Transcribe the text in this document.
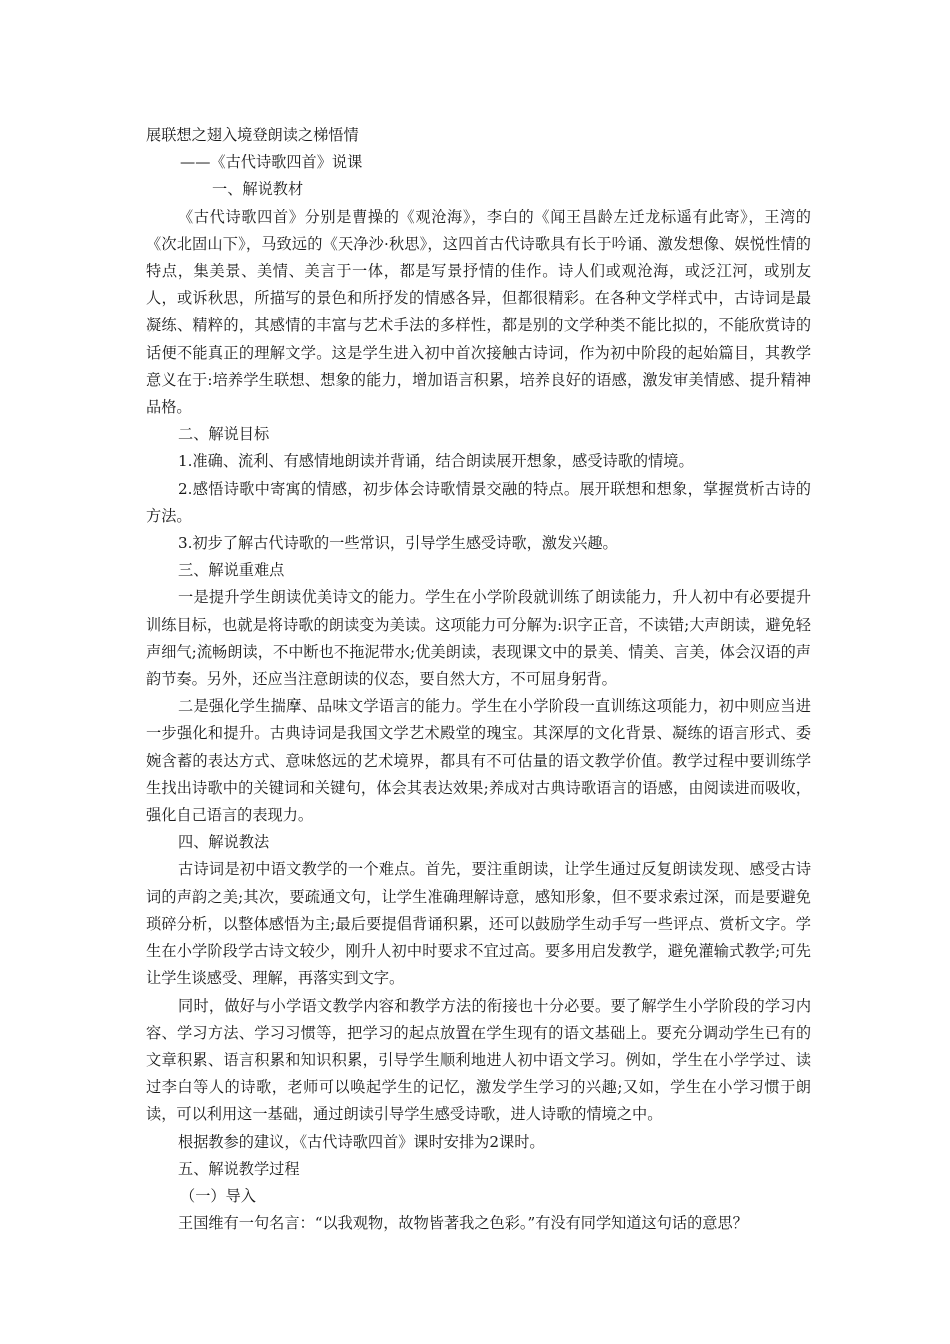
展联想之翅入境登朗读之梯悟情

——《古代诗歌四首》说课

一、解说教材

《古代诗歌四首》分别是曹操的《观沧海》，李白的《闻王昌龄左迁龙标遥有此寄》，王湾的《次北固山下》，马致远的《天净沙·秋思》，这四首古代诗歌具有长于吟诵、激发想像、娱悦性情的特点，集美景、美情、美言于一体，都是写景抒情的佳作。诗人们或观沧海，或泛江河，或别友人，或诉秋思，所描写的景色和所抒发的情感各异，但都很精彩。在各种文学样式中，古诗词是最凝练、精粹的，其感情的丰富与艺术手法的多样性，都是别的文学种类不能比拟的，不能欣赏诗的话便不能真正的理解文学。这是学生进入初中首次接触古诗词，作为初中阶段的起始篇目，其教学意义在于:培养学生联想、想象的能力，增加语言积累，培养良好的语感，激发审美情感、提升精神品格。

二、解说目标

1.准确、流利、有感情地朗读并背诵，结合朗读展开想象，感受诗歌的情境。

2.感悟诗歌中寄寓的情感，初步体会诗歌情景交融的特点。展开联想和想象，掌握赏析古诗的方法。

3.初步了解古代诗歌的一些常识，引导学生感受诗歌，激发兴趣。

三、解说重难点

一是提升学生朗读优美诗文的能力。学生在小学阶段就训练了朗读能力，升人初中有必要提升训练目标，也就是将诗歌的朗读变为美读。这项能力可分解为:识字正音，不读错;大声朗读，避免轻声细气;流畅朗读，不中断也不拖泥带水;优美朗读，表现课文中的景美、情美、言美，体会汉语的声韵节奏。另外，还应当注意朗读的仪态，要自然大方，不可屈身躬背。

二是强化学生揣摩、品味文学语言的能力。学生在小学阶段一直训练这项能力，初中则应当进一步强化和提升。古典诗词是我国文学艺术殿堂的瑰宝。其深厚的文化背景、凝练的语言形式、委婉含蓄的表达方式、意味悠远的艺术境界，都具有不可估量的语文教学价值。教学过程中要训练学生找出诗歌中的关键词和关键句，体会其表达效果;养成对古典诗歌语言的语感，由阅读进而吸收，强化自己语言的表现力。

四、解说教法

古诗词是初中语文教学的一个难点。首先，要注重朗读，让学生通过反复朗读发现、感受古诗词的声韵之美;其次，要疏通文句，让学生准确理解诗意，感知形象，但不要求索过深，而是要避免琐碎分析，以整体感悟为主;最后要提倡背诵积累，还可以鼓励学生动手写一些评点、赏析文字。学生在小学阶段学古诗文较少，刚升人初中时要求不宜过高。要多用启发教学，避免灌输式教学;可先让学生谈感受、理解，再落实到文字。

同时，做好与小学语文教学内容和教学方法的衔接也十分必要。要了解学生小学阶段的学习内容、学习方法、学习习惯等，把学习的起点放置在学生现有的语文基础上。要充分调动学生已有的文章积累、语言积累和知识积累，引导学生顺利地进人初中语文学习。例如，学生在小学学过、读过李白等人的诗歌，老师可以唤起学生的记忆，激发学生学习的兴趣;又如，学生在小学习惯于朗读，可以利用这一基础，通过朗读引导学生感受诗歌，进人诗歌的情境之中。

根据教参的建议，《古代诗歌四首》课时安排为2课时。

五、解说教学过程

（一）导入

王国维有一句名言：“以我观物，故物皆著我之色彩。”有没有同学知道这句话的意思？
